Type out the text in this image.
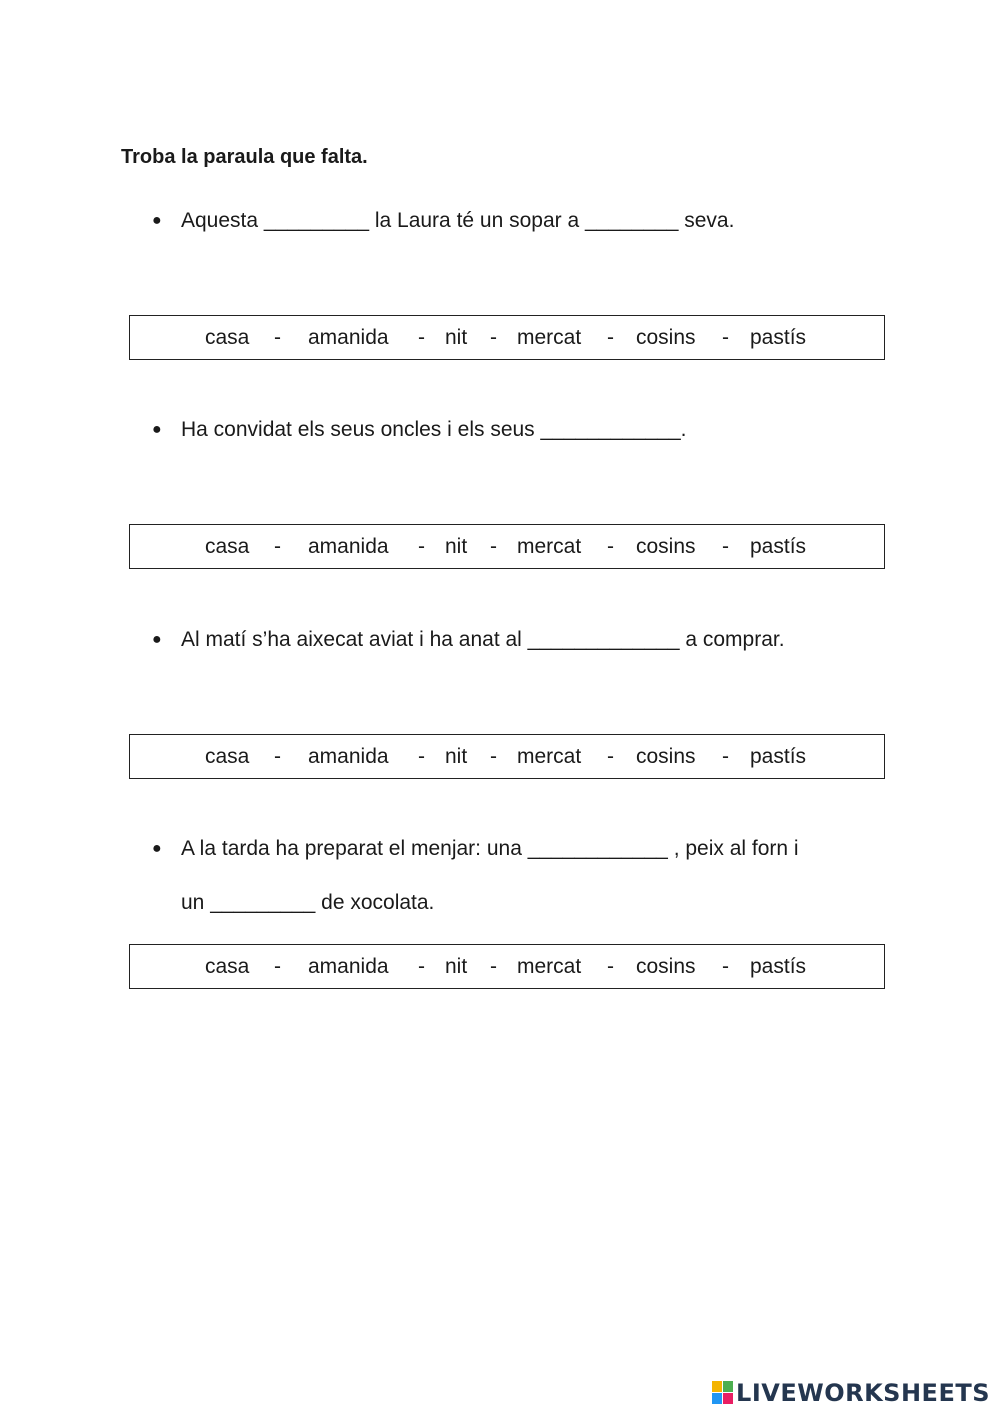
Troba la paraula que falta.
● Aquesta _________ la Laura té un sopar a ________ seva.
casa - amanida - nit - mercat - cosins - pastís
● Ha convidat els seus oncles i els seus ____________.
casa - amanida - nit - mercat - cosins - pastís
● Al matí s’ha aixecat aviat i ha anat al _____________ a comprar.
casa - amanida - nit - mercat - cosins - pastís
● A la tarda ha preparat el menjar: una ____________ , peix al forn i
un _________ de xocolata.
casa - amanida - nit - mercat - cosins - pastís
LIVEWORKSHEETS
